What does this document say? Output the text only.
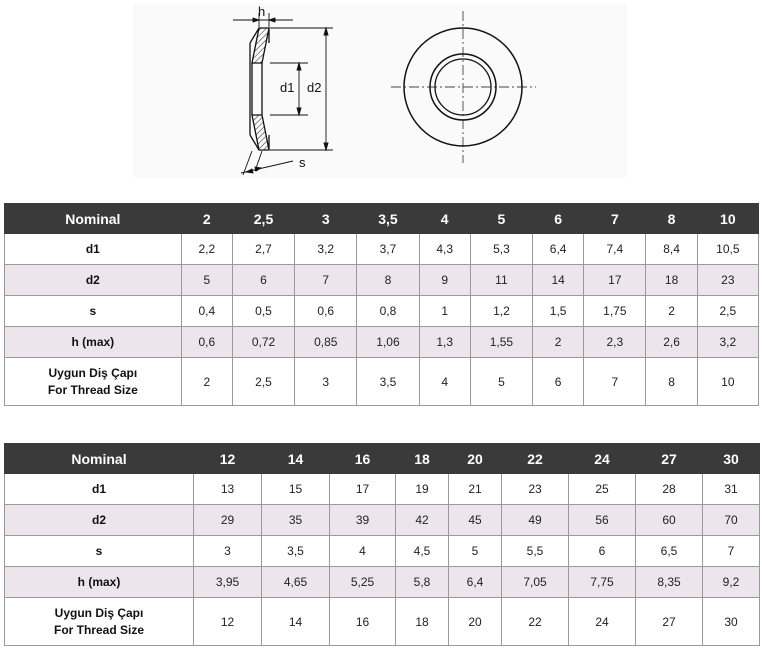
h
d1 d2
s
Nominal	2	2,5	3	3,5	4	5	6	7	8	10
d1	2,2	2,7	3,2	3,7	4,3	5,3	6,4	7,4	8,4	10,5
d2	5	6	7	8	9	11	14	17	18	23
s	0,4	0,5	0,6	0,8	1	1,2	1,5	1,75	2	2,5
h (max)	0,6	0,72	0,85	1,06	1,3	1,55	2	2,3	2,6	3,2

Uygun Diş Çapı
For Thread Size	2	2,5	3	3,5	4	5	6	7	8	10
Nominal	12	14	16	18	20	22	24	27	30
d1	13	15	17	19	21	23	25	28	31
d2	29	35	39	42	45	49	56	60	70
s	3	3,5	4	4,5	5	5,5	6	6,5	7
h (max)	3,95	4,65	5,25	5,8	6,4	7,05	7,75	8,35	9,2

Uygun Diş Çapı
For Thread Size	12	14	16	18	20	22	24	27	30
